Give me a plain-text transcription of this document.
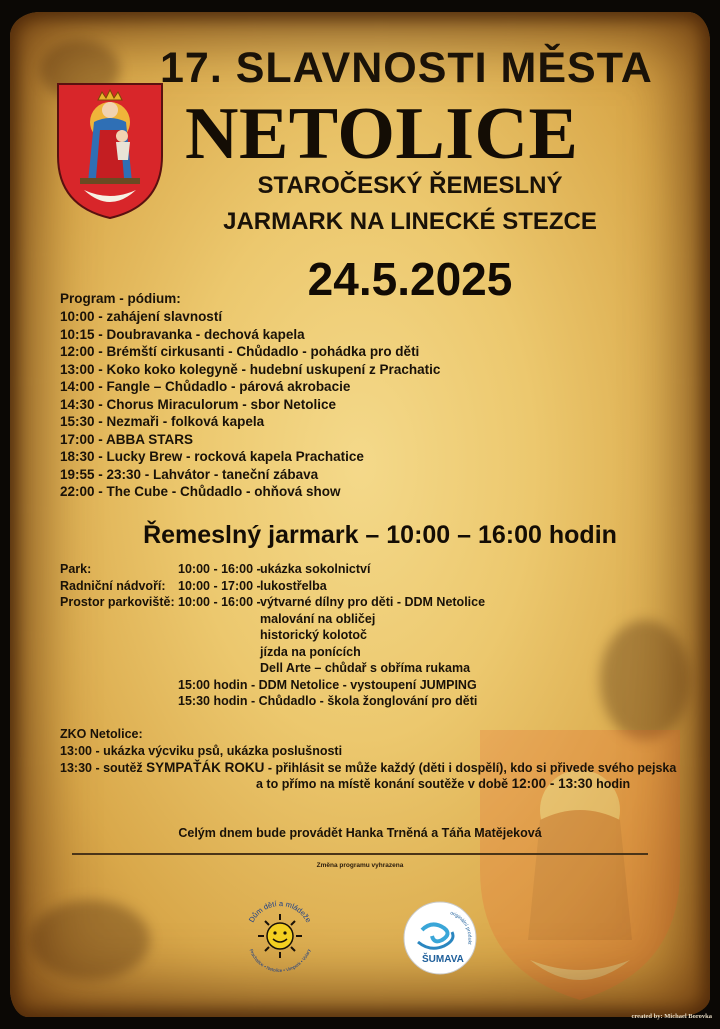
17. SLAVNOSTI MĚSTA
NETOLICE
STAROČESKÝ ŘEMESLNÝ
JARMARK NA LINECKÉ STEZCE
24.5.2025
Program - pódium:
10:00 - zahájení slavností
10:15 - Doubravanka - dechová kapela
12:00 - Brémští cirkusanti - Chůdadlo - pohádka pro děti
13:00 - Koko koko kolegyně - hudební uskupení z Prachatic
14:00 - Fangle – Chůdadlo - párová akrobacie
14:30 - Chorus Miraculorum - sbor Netolice
15:30 - Nezmaři - folková kapela
17:00 - ABBA STARS
18:30 - Lucky Brew - rocková kapela Prachatice
19:55 - 23:30 - Lahvátor - taneční zábava
22:00 - The Cube - Chůdadlo - ohňová show
Řemeslný jarmark – 10:00 – 16:00 hodin
Park:	10:00 - 16:00 - ukázka sokolnictví
Radniční nádvoří: 10:00 - 17:00 - lukostřelba
Prostor parkoviště: 10:00 - 16:00 - výtvarné dílny pro děti - DDM Netolice
malování na obličej
historický kolotoč
jízda na ponících
Dell Arte – chůdař s obříma rukama
15:00 hodin - DDM Netolice - vystoupení JUMPING
15:30 hodin - Chůdadlo - škola žonglování pro děti
ZKO Netolice:
13:00 - ukázka výcviku psů, ukázka poslušnosti
13:30 - soutěž SYMPAŤÁK ROKU - přihlásit se může každý (děti i dospělí), kdo si přivede svého pejska
a to přímo na místě konání soutěže v době 12:00 - 13:30 hodin
Celým dnem bude provádět Hanka Trněná a Táňa Matějeková
Změna programu vyhrazena
Dům dětí a mládeže
Prachatice • Netolice • Vimperk • Volary
ŠUMAVA
originální produkt
created by: Michael Borovka
